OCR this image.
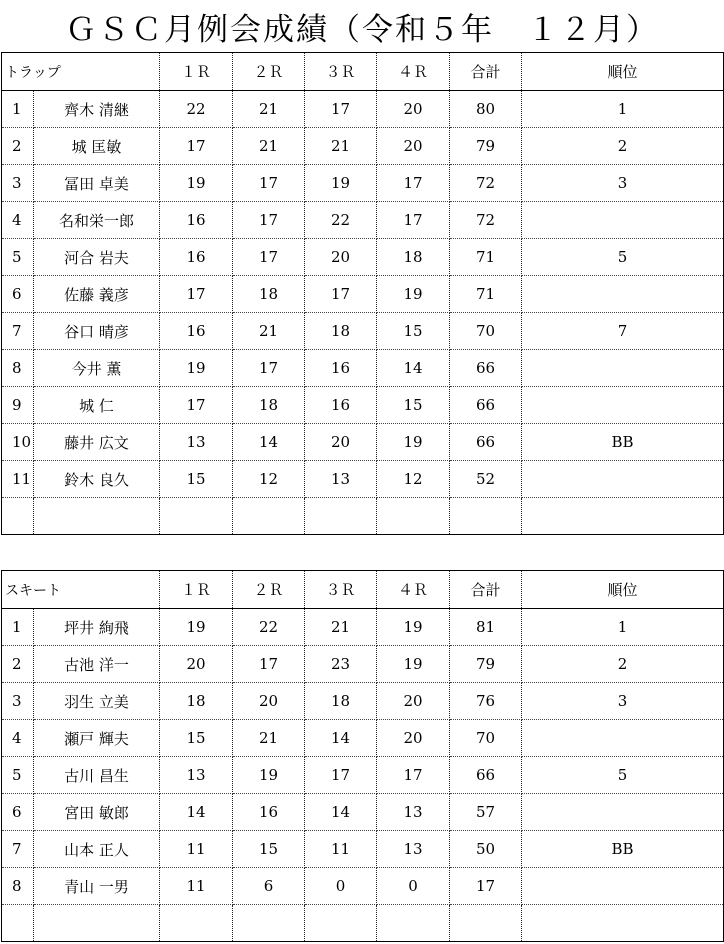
ＧＳＣ月例会成績（令和５年　１２月）
トラップ		１Ｒ	２Ｒ	３Ｒ	４Ｒ	合計	順位
1	齊木 清継	22	21	17	20	80	1
2	城 匡敏	17	21	21	20	79	2
3	冨田 卓美	19	17	19	17	72	3
4	名和栄一郎	16	17	22	17	72	
5	河合 岩夫	16	17	20	18	71	5
6	佐藤 義彦	17	18	17	19	71	
7	谷口 晴彦	16	21	18	15	70	7
8	今井 薫	19	17	16	14	66	
9	城 仁	17	18	16	15	66	
10	藤井 広文	13	14	20	19	66	BB
11	鈴木 良久	15	12	13	12	52	

スキート		１Ｒ	２Ｒ	３Ｒ	４Ｒ	合計	順位
1	坪井 絢飛	19	22	21	19	81	1
2	古池 洋一	20	17	23	19	79	2
3	羽生 立美	18	20	18	20	76	3
4	瀬戸 輝夫	15	21	14	20	70	
5	古川 昌生	13	19	17	17	66	5
6	宮田 敏郎	14	16	14	13	57	
7	山本 正人	11	15	11	13	50	BB
8	青山 一男	11	6	0	0	17	
